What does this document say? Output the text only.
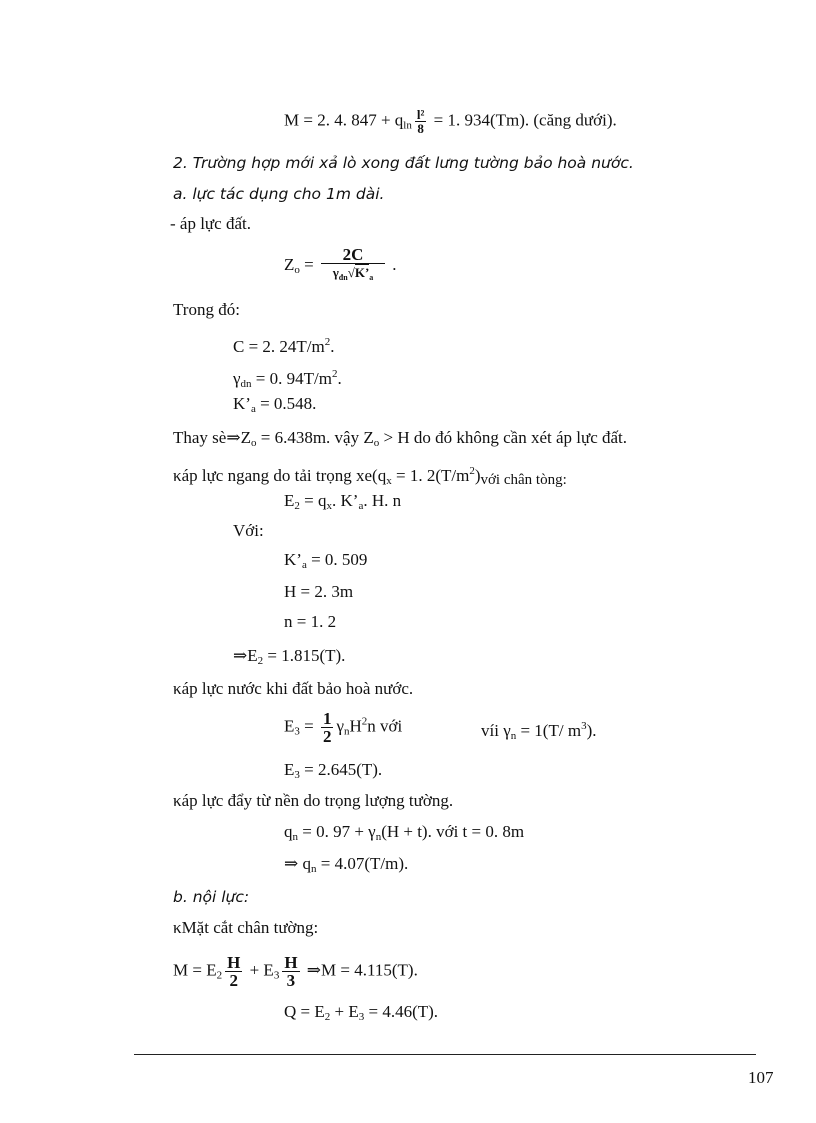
M = 2. 4. $847 + q_{ln} \frac{\text{l²}}{8} = 1$. 934(Tm). (căng dưới).
2. Trường hợp mới xả lò xong đất lưng tường bảo hoà nước.
a. lực tác dụng cho 1m dài.
- áp lực đất.
$Z_o = \frac{2C}{\gamma_{đn}√K’_a}$ .
Trong đó:
C = 2. $24T/m^2$.
$\gamma_{dn} = 0$. $94T/m^2$.
$K’_a = 0.548$.
Thay $sè\Rightarrow Z_o = 6.438m$. vậy $Z_o > H$ do đó không cần xét áp lực đất.
κáp lực ngang do tải trọng $xe(q_x = 1$. $2(T/m^2)với$ chân tòng:
$E_2 = q_x$. $K’_a$. H. n
Với:
$K’_a = 0$. 509
H = 2. 3m
n = 1. 2
$\Rightarrow E_2 = 1.815(T)$.
κáp lực nước khi đất bảo hoà nước.
$E_3 = \frac{1}{2} \gamma_nH^2n$ với	víi $\gamma_n = 1(T/$ $m^3$).
$E_3 = 2.645(T)$.
κáp lực đẩy từ nền do trọng lượng tường.
$q_n = 0$. $97 + \gamma_n(H + t)$. với t = 0. 8m
⇒ $q_n = 4.07(T/m)$.
b. nội lực:
κMặt cắt chân tường:
$M = E_2 \frac{H}{2} + E_3 \frac{H}{3}$ ⇒M = 4.115(T).
$Q = E_2 + E_3 = 4.46(T)$.
107
